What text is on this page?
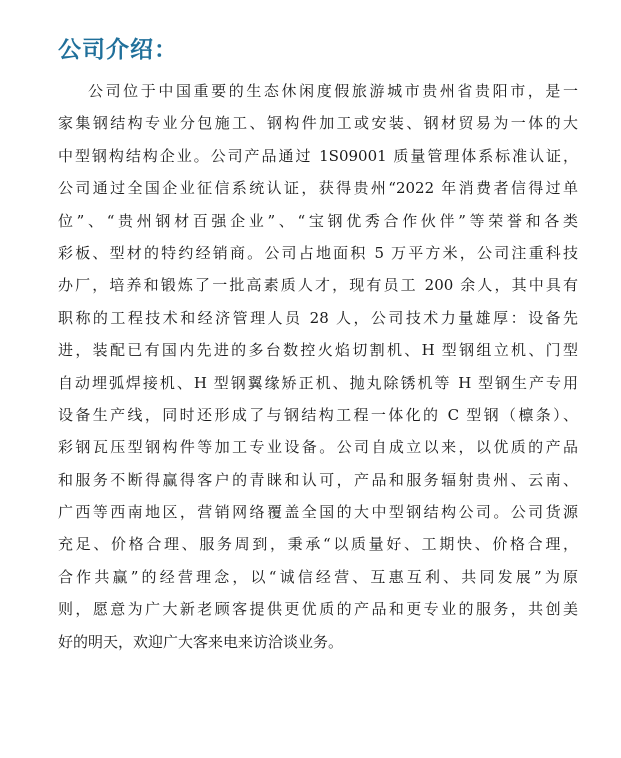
公司介绍：
公司位于中国重要的生态休闲度假旅游城市贵州省贵阳市，是一
家集钢结构专业分包施工、钢构件加工或安装、钢材贸易为一体的大
中型钢构结构企业。公司产品通过 1S09001 质量管理体系标准认证，
公司通过全国企业征信系统认证，获得贵州“2022 年消费者信得过单
位”、“贵州钢材百强企业”、“宝钢优秀合作伙伴”等荣誉和各类
彩板、型材的特约经销商。公司占地面积 5 万平方米，公司注重科技
办厂，培养和锻炼了一批高素质人才，现有员工 200 余人，其中具有
职称的工程技术和经济管理人员 28 人，公司技术力量雄厚：设备先
进，装配已有国内先进的多台数控火焰切割机、H 型钢组立机、门型
自动埋弧焊接机、H 型钢翼缘矫正机、抛丸除锈机等 H 型钢生产专用
设备生产线，同时还形成了与钢结构工程一体化的 C 型钢（檩条）、
彩钢瓦压型钢构件等加工专业设备。公司自成立以来，以优质的产品
和服务不断得赢得客户的青睐和认可，产品和服务辐射贵州、云南、
广西等西南地区，营销网络覆盖全国的大中型钢结构公司。公司货源
充足、价格合理、服务周到，秉承“以质量好、工期快、价格合理，
合作共赢”的经营理念，以“诚信经营、互惠互利、共同发展”为原
则，愿意为广大新老顾客提供更优质的产品和更专业的服务，共创美
好的明天，欢迎广大客来电来访洽谈业务。
